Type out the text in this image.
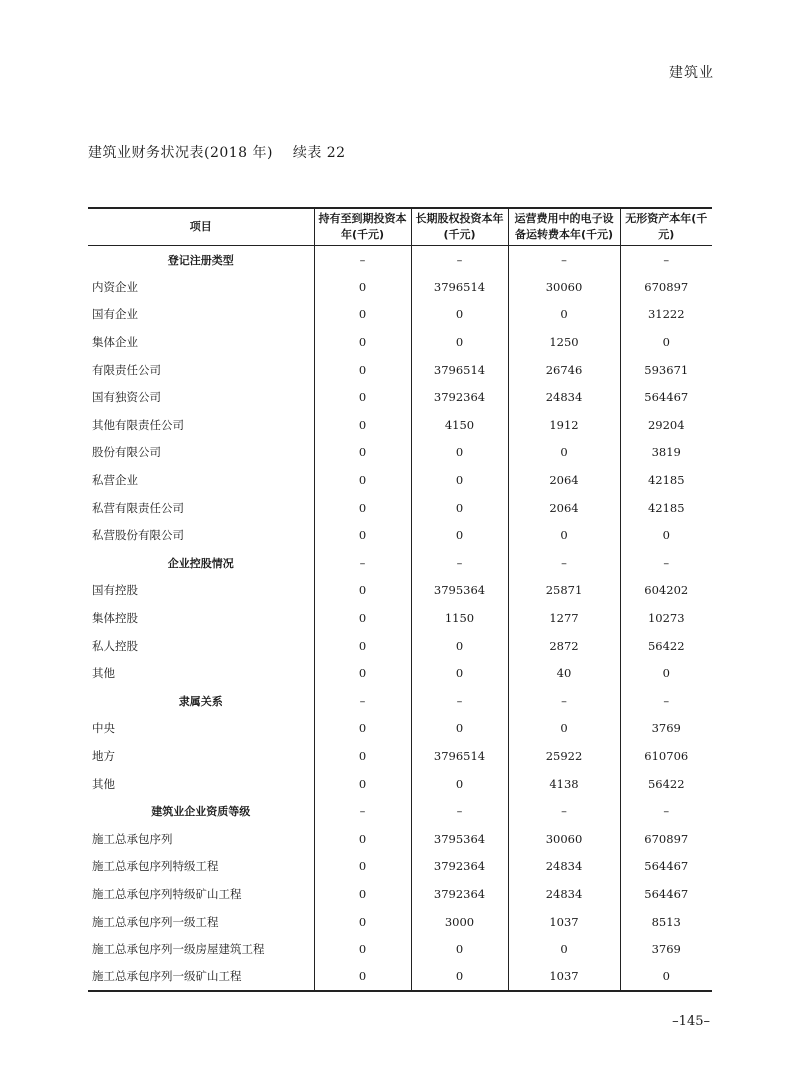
建筑业
建筑业财务状况表(2018 年) 续表 22
项目	持有至到期投资本年(千元)	长期股权投资本年(千元)	运营费用中的电子设备运转费本年(千元)	无形资产本年(千元)
登记注册类型	–	–	–	–
内资企业	0	3796514	30060	670897
国有企业	0	0	0	31222
集体企业	0	0	1250	0
有限责任公司	0	3796514	26746	593671
国有独资公司	0	3792364	24834	564467
其他有限责任公司	0	4150	1912	29204
股份有限公司	0	0	0	3819
私营企业	0	0	2064	42185
私营有限责任公司	0	0	2064	42185
私营股份有限公司	0	0	0	0
企业控股情况	–	–	–	–
国有控股	0	3795364	25871	604202
集体控股	0	1150	1277	10273
私人控股	0	0	2872	56422
其他	0	0	40	0
隶属关系	–	–	–	–
中央	0	0	0	3769
地方	0	3796514	25922	610706
其他	0	0	4138	56422
建筑业企业资质等级	–	–	–	–
施工总承包序列	0	3795364	30060	670897
施工总承包序列特级工程	0	3792364	24834	564467
施工总承包序列特级矿山工程	0	3792364	24834	564467
施工总承包序列一级工程	0	3000	1037	8513
施工总承包序列一级房屋建筑工程	0	0	0	3769
施工总承包序列一级矿山工程	0	0	1037	0
–145–
